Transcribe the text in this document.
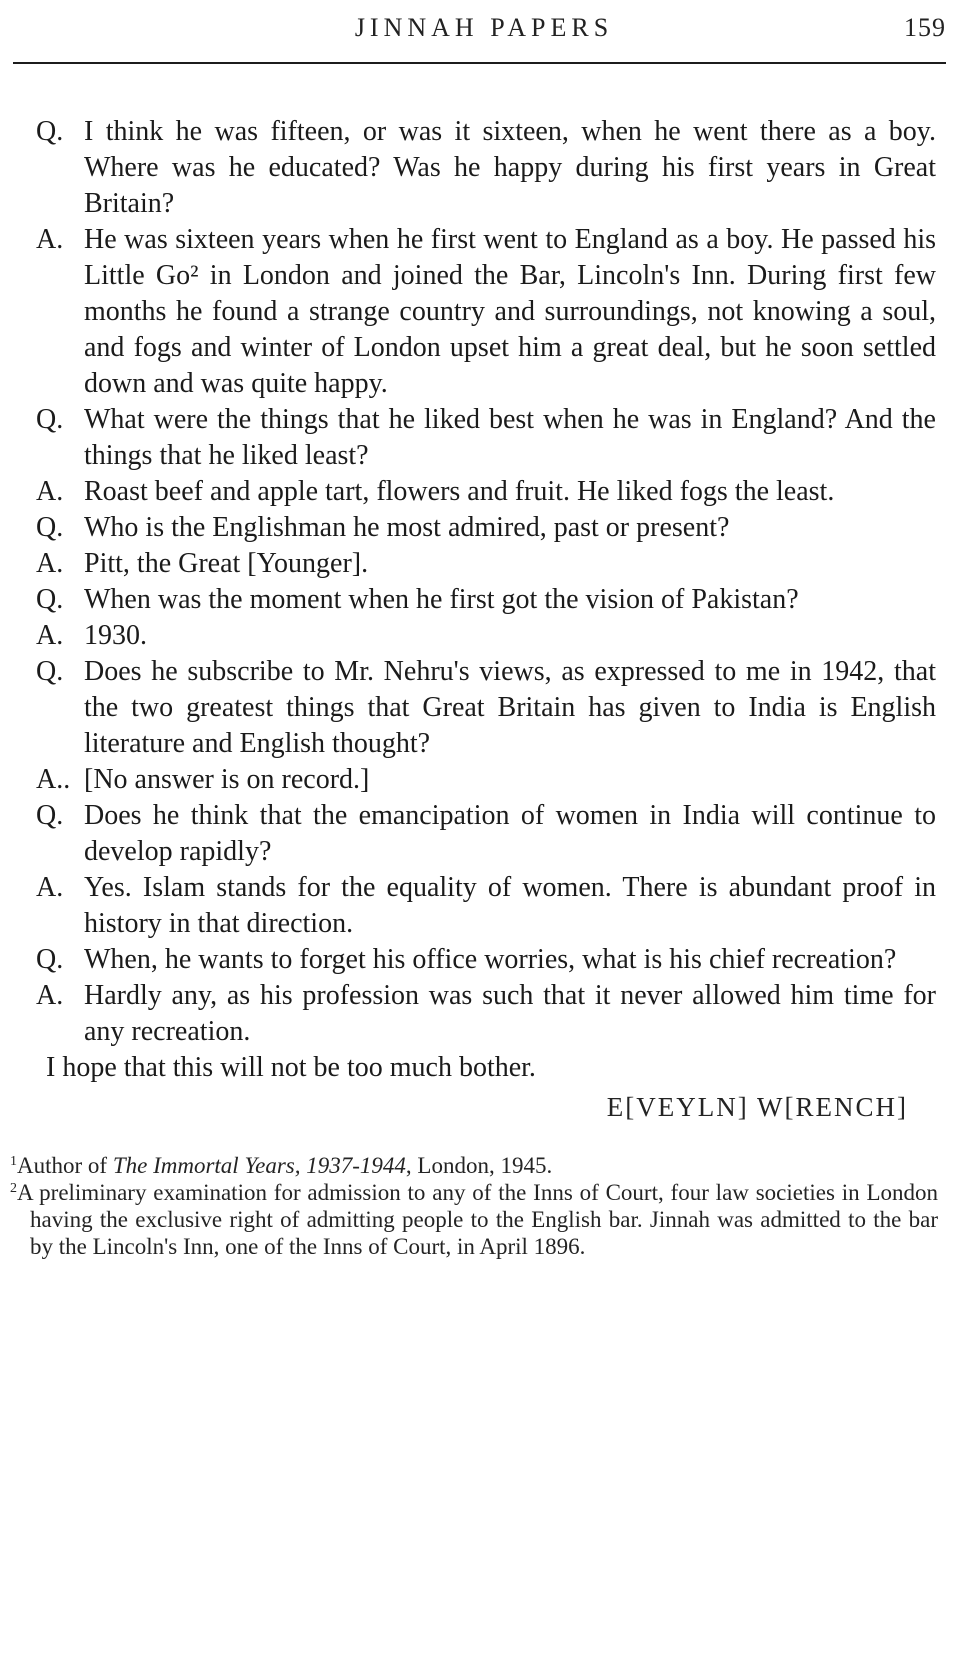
JINNAH PAPERS	159
Q. I think he was fifteen, or was it sixteen, when he went there as a boy. Where was he educated? Was he happy during his first years in Great Britain?
A. He was sixteen years when he first went to England as a boy. He passed his Little Go² in London and joined the Bar, Lincoln's Inn. During first few months he found a strange country and surroundings, not knowing a soul, and fogs and winter of London upset him a great deal, but he soon settled down and was quite happy.
Q. What were the things that he liked best when he was in England? And the things that he liked least?
A. Roast beef and apple tart, flowers and fruit. He liked fogs the least.
Q. Who is the Englishman he most admired, past or present?
A. Pitt, the Great [Younger].
Q. When was the moment when he first got the vision of Pakistan?
A. 1930.
Q. Does he subscribe to Mr. Nehru's views, as expressed to me in 1942, that the two greatest things that Great Britain has given to India is English literature and English thought?
A.. [No answer is on record.]
Q. Does he think that the emancipation of women in India will continue to develop rapidly?
A. Yes. Islam stands for the equality of women. There is abundant proof in history in that direction.
Q. When, he wants to forget his office worries, what is his chief recreation?
A. Hardly any, as his profession was such that it never allowed him time for any recreation.

I hope that this will not be too much bother.

E[VEYLN] W[RENCH]

$^1$Author of The Immortal Years, 1937-1944, London, 1945.

$^2$A preliminary examination for admission to any of the Inns of Court, four law societies in London having the exclusive right of admitting people to the English bar. Jinnah was admitted to the bar by the Lincoln's Inn, one of the Inns of Court, in April 1896.
